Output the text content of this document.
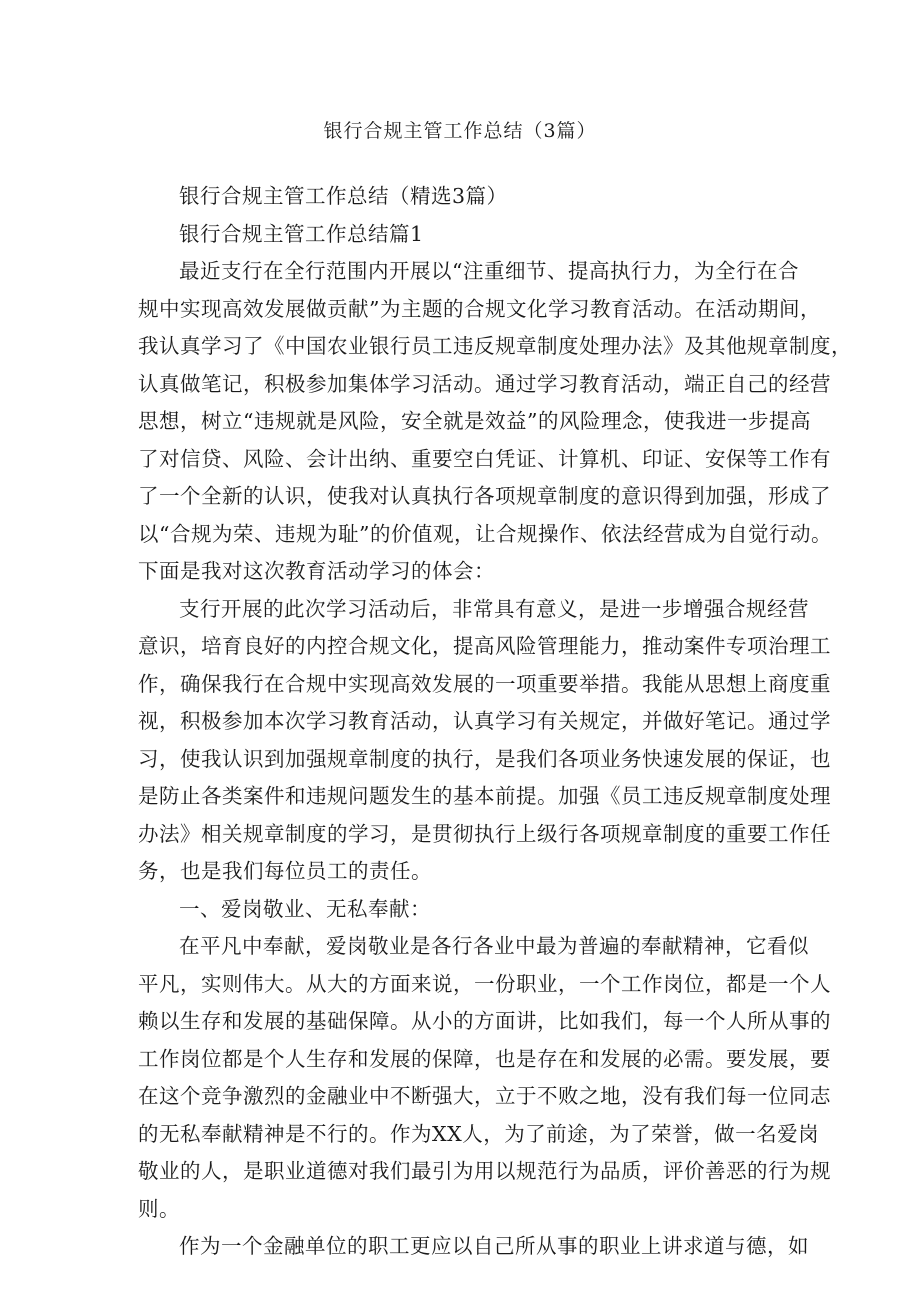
银行合规主管工作总结（3篇）
银行合规主管工作总结（精选3篇）
银行合规主管工作总结篇1
最近支行在全行范围内开展以“注重细节、提高执行力，为全行在合
规中实现高效发展做贡献”为主题的合规文化学习教育活动。在活动期间，
我认真学习了《中国农业银行员工违反规章制度处理办法》及其他规章制度，
认真做笔记，积极参加集体学习活动。通过学习教育活动，端正自己的经营
思想，树立“违规就是风险，安全就是效益”的风险理念，使我进一步提高
了对信贷、风险、会计出纳、重要空白凭证、计算机、印证、安保等工作有
了一个全新的认识，使我对认真执行各项规章制度的意识得到加强，形成了
以“合规为荣、违规为耻”的价值观，让合规操作、依法经营成为自觉行动。
下面是我对这次教育活动学习的体会：
支行开展的此次学习活动后，非常具有意义，是进一步增强合规经营
意识，培育良好的内控合规文化，提高风险管理能力，推动案件专项治理工
作，确保我行在合规中实现高效发展的一项重要举措。我能从思想上商度重
视，积极参加本次学习教育活动，认真学习有关规定，并做好笔记。通过学
习，使我认识到加强规章制度的执行，是我们各项业务快速发展的保证，也
是防止各类案件和违规问题发生的基本前提。加强《员工违反规章制度处理
办法》相关规章制度的学习，是贯彻执行上级行各项规章制度的重要工作任
务，也是我们每位员工的责任。
一、爱岗敬业、无私奉献：
在平凡中奉献，爱岗敬业是各行各业中最为普遍的奉献精神，它看似
平凡，实则伟大。从大的方面来说，一份职业，一个工作岗位，都是一个人
赖以生存和发展的基础保障。从小的方面讲，比如我们，每一个人所从事的
工作岗位都是个人生存和发展的保障，也是存在和发展的必需。要发展，要
在这个竞争激烈的金融业中不断强大，立于不败之地，没有我们每一位同志
的无私奉献精神是不行的。作为XX人，为了前途，为了荣誉，做一名爱岗
敬业的人，是职业道德对我们最引为用以规范行为品质，评价善恶的行为规
则。
作为一个金融单位的职工更应以自己所从事的职业上讲求道与德，如
